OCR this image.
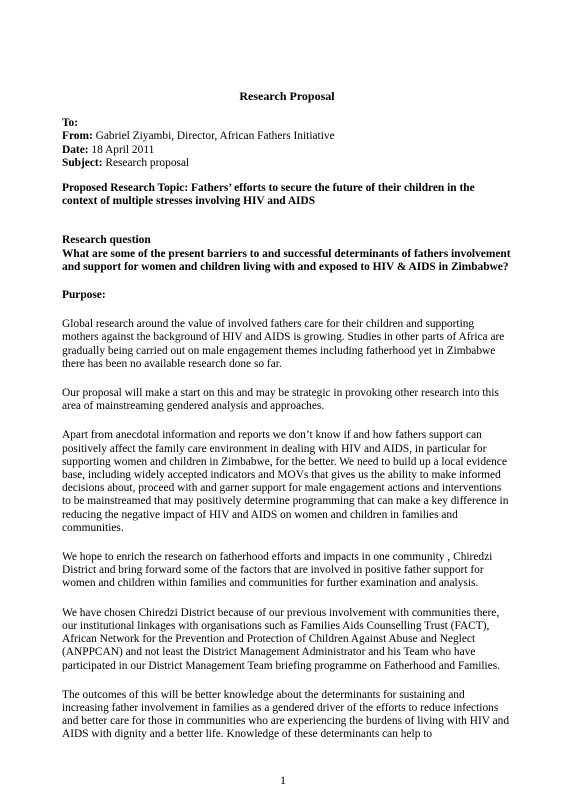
Research Proposal

To:

From: Gabriel Ziyambi, Director, African Fathers Initiative

Date: 18 April 2011

Subject: Research proposal

Proposed Research Topic: Fathers’ efforts to secure the future of their children in the context of multiple stresses involving HIV and AIDS

Research question
What are some of the present barriers to and successful determinants of fathers involvement and support for women and children living with and exposed to HIV & AIDS in Zimbabwe?

Purpose:

Global research around the value of involved fathers care for their children and supporting mothers against the background of HIV and AIDS is growing. Studies in other parts of Africa are gradually being carried out on male engagement themes including fatherhood yet in Zimbabwe there has been no available research done so far.

Our proposal will make a start on this and may be strategic in provoking other research into this area of mainstreaming gendered analysis and approaches.

Apart from anecdotal information and reports we don’t know if and how fathers support can positively affect the family care environment in dealing with HIV and AIDS, in particular for supporting women and children in Zimbabwe, for the better. We need to build up a local evidence base, including widely accepted indicators and MOVs that gives us the ability to make informed decisions about, proceed with and garner support for male engagement actions and interventions to be mainstreamed that may positively determine programming that can make a key difference in reducing the negative impact of HIV and AIDS on women and children in families and communities.

We hope to enrich the research on fatherhood efforts and impacts in one community , Chiredzi District and bring forward some of the factors that are involved in positive father support for women and children within families and communities for further examination and analysis.

We have chosen Chiredzi District because of our previous involvement with communities there, our institutional linkages with organisations such as Families Aids Counselling Trust (FACT), African Network for the Prevention and Protection of Children Against Abuse and Neglect (ANPPCAN) and not least the District Management Administrator and his Team who have participated in our District Management Team briefing programme on Fatherhood and Families.

The outcomes of this will be better knowledge about the determinants for sustaining and increasing father involvement in families as a gendered driver of the efforts to reduce infections and better care for those in communities who are experiencing the burdens of living with HIV and AIDS with dignity and a better life. Knowledge of these determinants can help to

1
